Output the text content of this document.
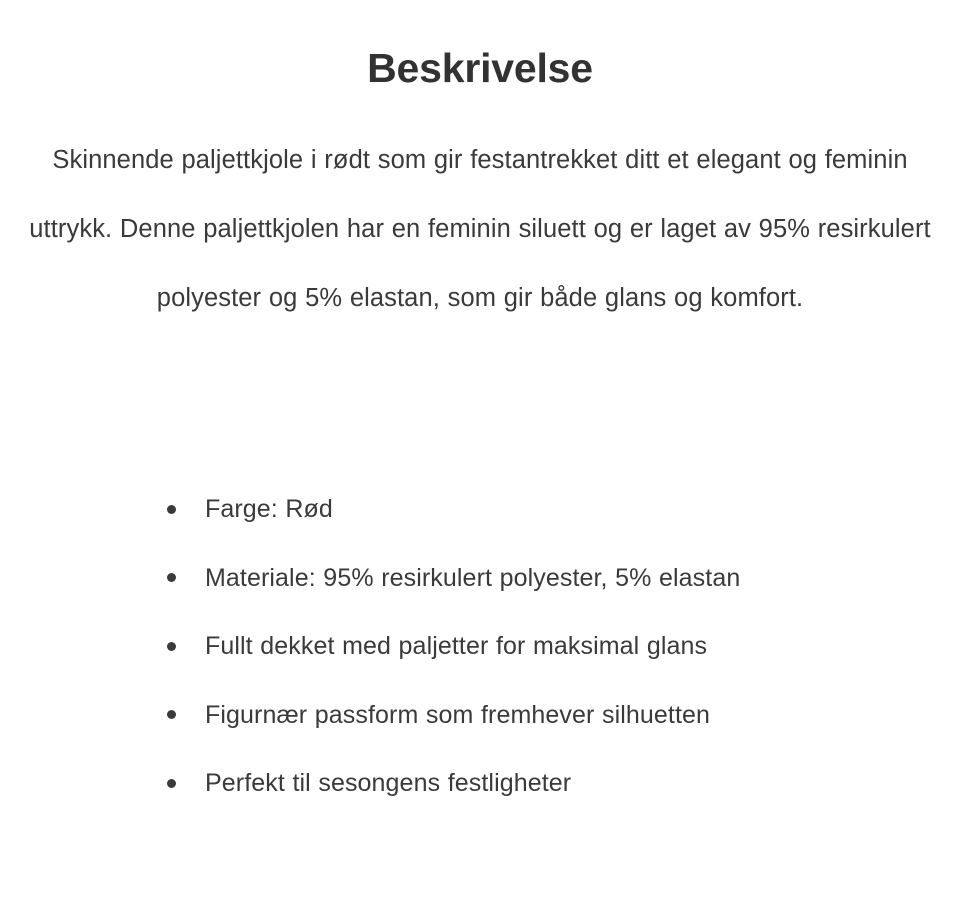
Beskrivelse

Skinnende paljettkjole i rødt som gir festantrekket ditt et elegant og feminin uttrykk. Denne paljettkjolen har en feminin siluett og er laget av 95% resirkulert polyester og 5% elastan, som gir både glans og komfort.

Farge: Rød
Materiale: 95% resirkulert polyester, 5% elastan
Fullt dekket med paljetter for maksimal glans
Figurnær passform som fremhever silhuetten
Perfekt til sesongens festligheter
